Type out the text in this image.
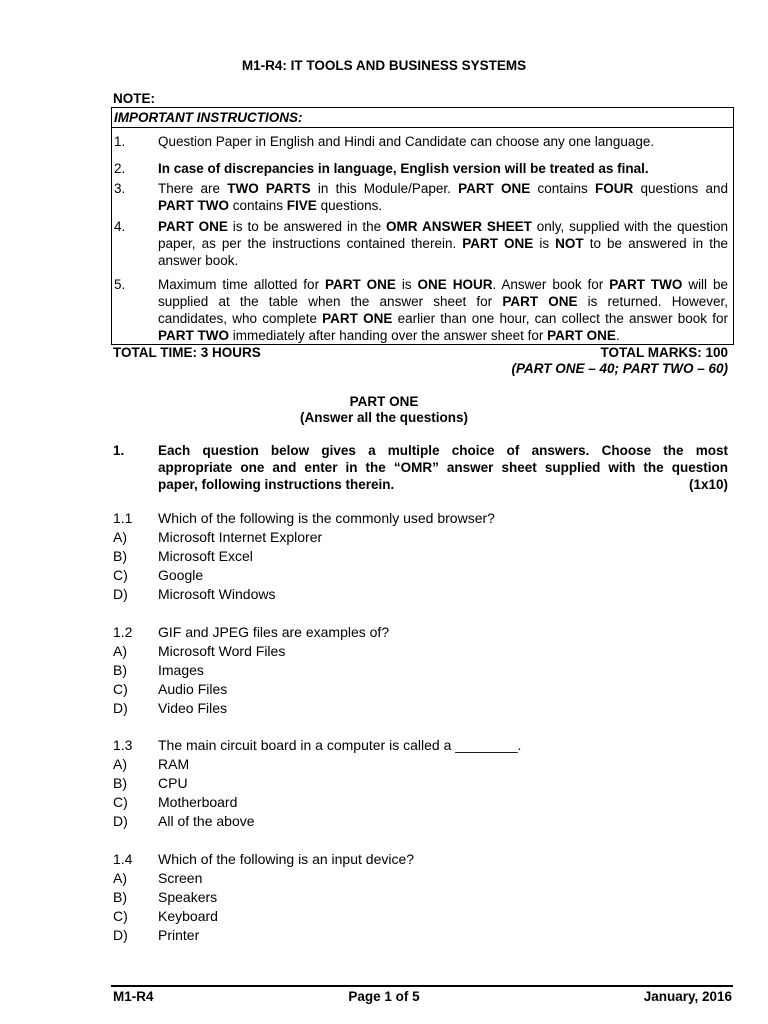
M1-R4: IT TOOLS AND BUSINESS SYSTEMS
NOTE:
IMPORTANT INSTRUCTIONS:
1. Question Paper in English and Hindi and Candidate can choose any one language.
2. In case of discrepancies in language, English version will be treated as final.
3. There are TWO PARTS in this Module/Paper. PART ONE contains FOUR questions and
PART TWO contains FIVE questions.
4. PART ONE is to be answered in the OMR ANSWER SHEET only, supplied with the question
paper, as per the instructions contained therein. PART ONE is NOT to be answered in the
answer book.
5. Maximum time allotted for PART ONE is ONE HOUR. Answer book for PART TWO will be
supplied at the table when the answer sheet for PART ONE is returned. However,
candidates, who complete PART ONE earlier than one hour, can collect the answer book for
PART TWO immediately after handing over the answer sheet for PART ONE.
TOTAL TIME: 3 HOURS	TOTAL MARKS: 100
(PART ONE – 40; PART TWO – 60)
PART ONE
(Answer all the questions)
1. Each question below gives a multiple choice of answers. Choose the most
appropriate one and enter in the “OMR” answer sheet supplied with the question
paper, following instructions therein.	(1x10)
1.1 Which of the following is the commonly used browser?
A) Microsoft Internet Explorer
B) Microsoft Excel
C) Google
D) Microsoft Windows
1.2 GIF and JPEG files are examples of?
A) Microsoft Word Files
B) Images
C) Audio Files
D) Video Files
1.3 The main circuit board in a computer is called a ________.
A) RAM
B) CPU
C) Motherboard
D) All of the above
1.4 Which of the following is an input device?
A) Screen
B) Speakers
C) Keyboard
D) Printer
M1-R4	Page 1 of 5	January, 2016
